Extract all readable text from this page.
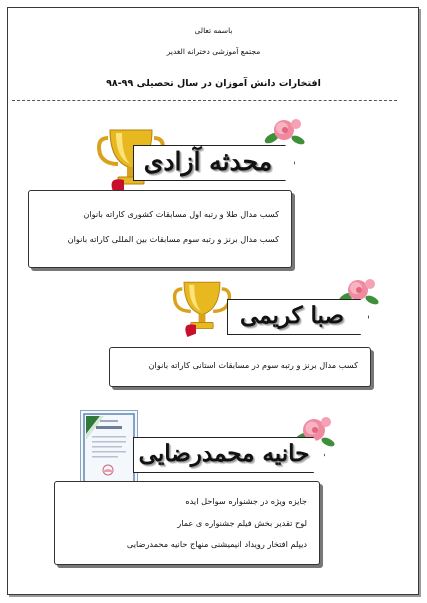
باسمه تعالی
مجتمع آموزشی دخترانه الغدیر
افتخارات دانش آموزان در سال تحصیلی ۹۹-۹۸
محدثه آزادی
کسب مدال طلا و رتبه اول مسابقات کشوری کاراته بانوان
کسب مدال برنز و رتبه سوم مسابقات بین المللی کاراته بانوان
صبا کریمی
کسب مدال برنز و رتبه سوم در مسابقات استانی کاراته بانوان
حانیه محمدرضایی
جایزه ویژه در جشنواره سواحل ایده
لوح تقدیر بخش فیلم جشنواره ی عمار
دیپلم افتخار رویداد انیمیشنی منهاج حانیه محمدرضایی
